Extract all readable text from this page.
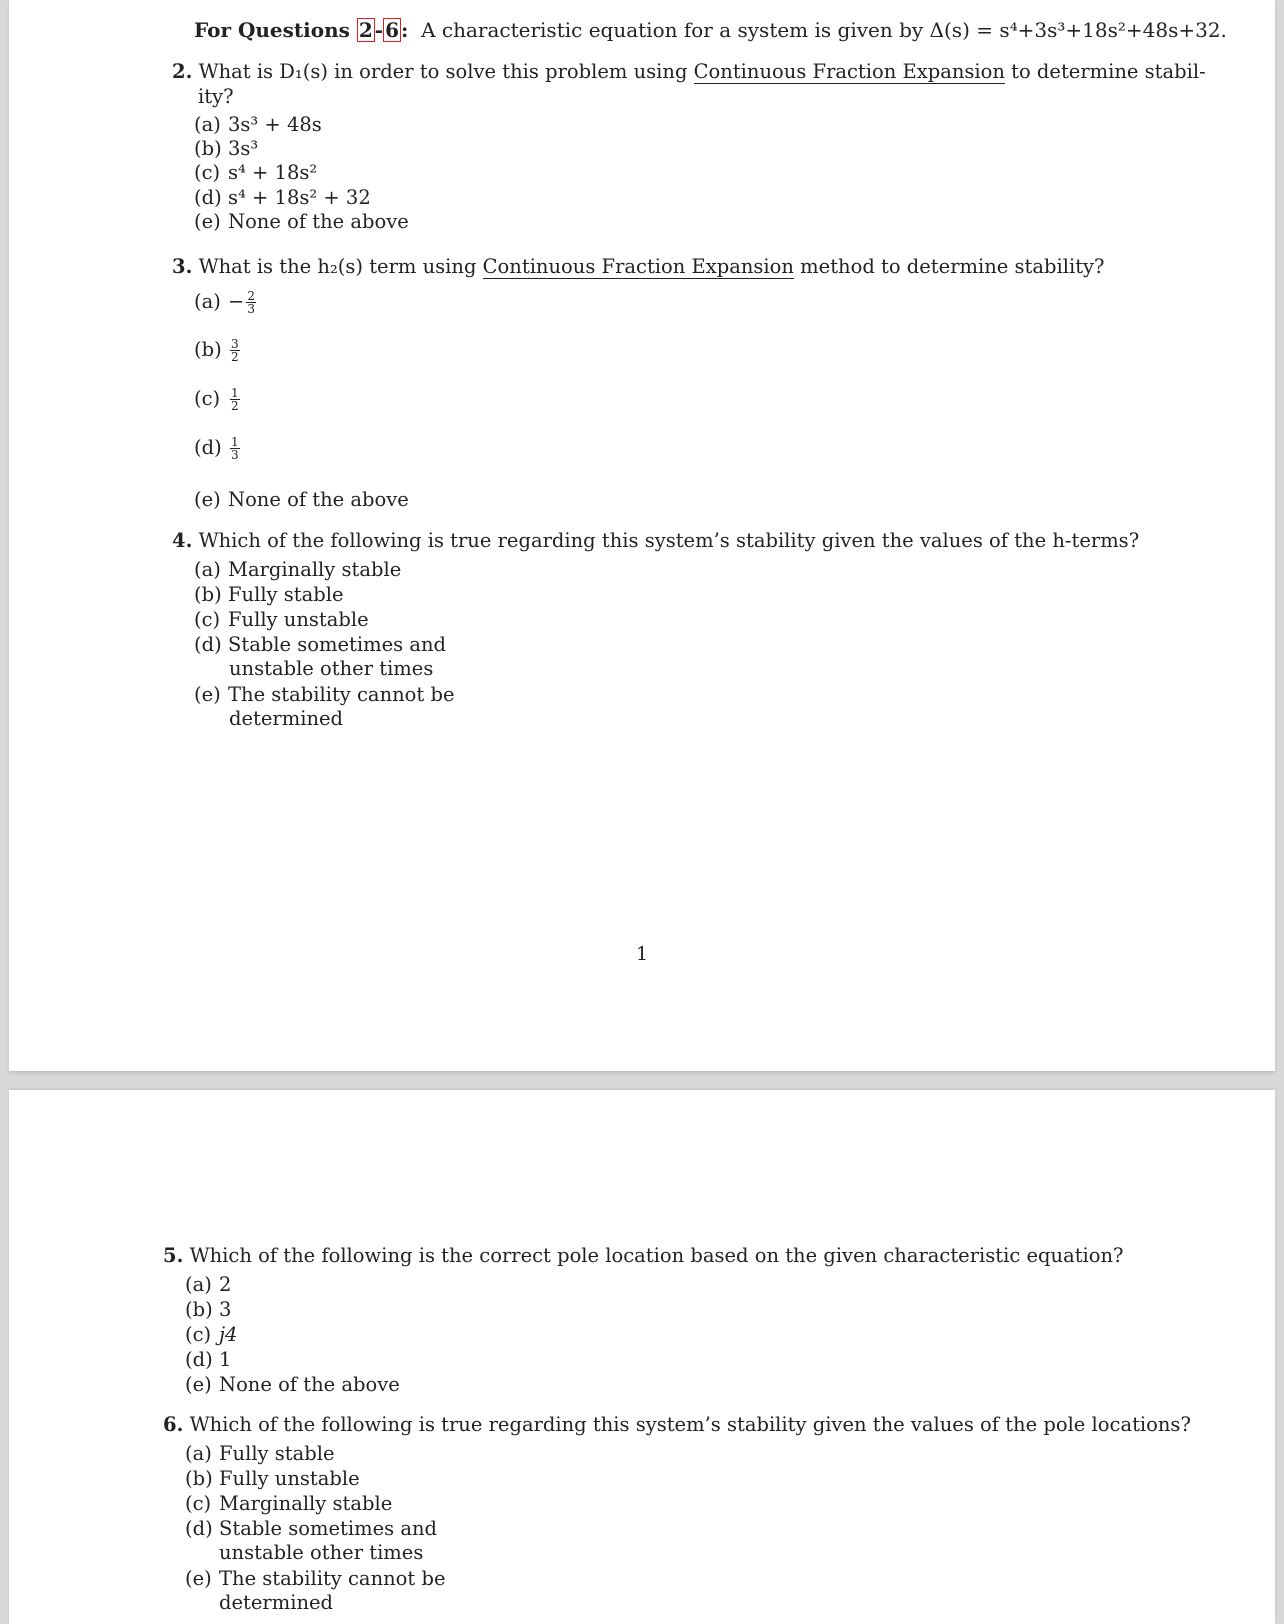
For Questions 2 - 6 : A characteristic equation for a system is given by Δ(s) = s⁴+3s³+18s²+48s+32.
2. What is D₁(s) in order to solve this problem using Continuous Fraction Expansion to determine stabil-
ity?
(a) 3s³ + 48s
(b) 3s³
(c) s⁴ + 18s²
(d) s⁴ + 18s² + 32
(e) None of the above
3. What is the h₂(s) term using Continuous Fraction Expansion method to determine stability?
$(a) - \frac{2}{3}$
$(b) \frac{3}{2}$
$(c) \frac{1}{2}$
$(d) \frac{1}{3}$
(e) None of the above
4. Which of the following is true regarding this system’s stability given the values of the h-terms?
(a) Marginally stable
(b) Fully stable
(c) Fully unstable
(d) Stable sometimes and
unstable other times
(e) The stability cannot be
determined
1
5. Which of the following is the correct pole location based on the given characteristic equation?
(a) 2
(b) 3
(c) j4
(d) 1
(e) None of the above
6. Which of the following is true regarding this system’s stability given the values of the pole locations?
(a) Fully stable
(b) Fully unstable
(c) Marginally stable
(d) Stable sometimes and
unstable other times
(e) The stability cannot be
determined
